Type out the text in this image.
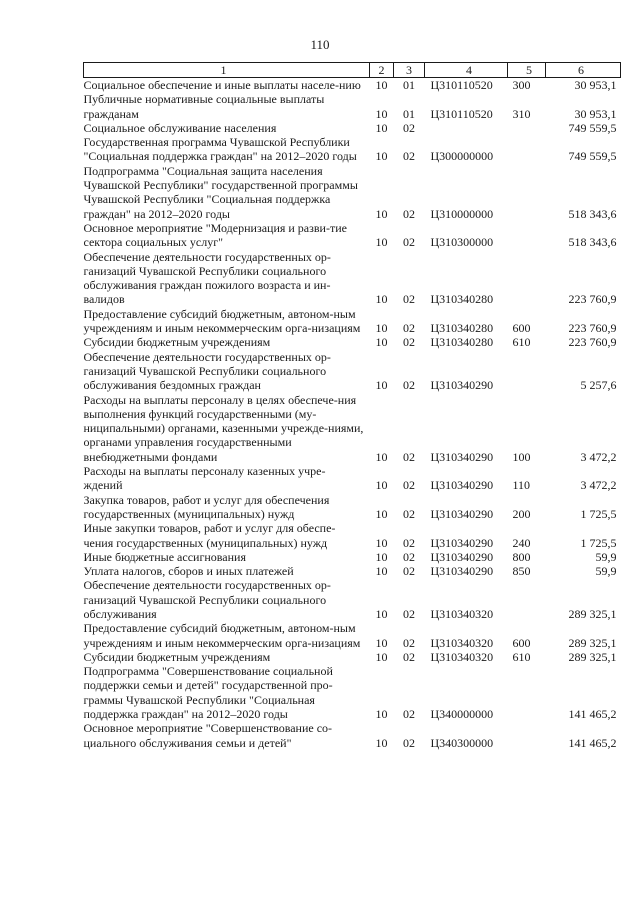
110
1	2	3	4	5	6
Социальное обеспечение и иные выплаты населе-нию	10	01	Ц310110520	300	30 953,1
Публичные нормативные социальные выплаты гражданам	10	01	Ц310110520	310	30 953,1
Социальное обслуживание населения	10	02			749 559,5
Государственная программа Чувашской Республики "Социальная поддержка граждан" на 2012–2020 годы	10	02	Ц300000000		749 559,5
Подпрограмма "Социальная защита населения Чувашской Республики" государственной программы Чувашской Республики "Социальная поддержка граждан" на 2012–2020 годы	10	02	Ц310000000		518 343,6
Основное мероприятие "Модернизация и разви-тие сектора социальных услуг"	10	02	Ц310300000		518 343,6
Обеспечение деятельности государственных ор-ганизаций Чувашской Республики социального обслуживания граждан пожилого возраста и ин-валидов	10	02	Ц310340280		223 760,9
Предоставление субсидий бюджетным, автоном-ным учреждениям и иным некоммерческим орга-низациям	10	02	Ц310340280	600	223 760,9
Субсидии бюджетным учреждениям	10	02	Ц310340280	610	223 760,9
Обеспечение деятельности государственных ор-ганизаций Чувашской Республики социального обслуживания бездомных граждан	10	02	Ц310340290		5 257,6
Расходы на выплаты персоналу в целях обеспече-ния выполнения функций государственными (му-ниципальными) органами, казенными учрежде-ниями, органами управления государственными внебюджетными фондами	10	02	Ц310340290	100	3 472,2
Расходы на выплаты персоналу казенных учре-ждений	10	02	Ц310340290	110	3 472,2
Закупка товаров, работ и услуг для обеспечения государственных (муниципальных) нужд	10	02	Ц310340290	200	1 725,5
Иные закупки товаров, работ и услуг для обеспе-чения государственных (муниципальных) нужд	10	02	Ц310340290	240	1 725,5
Иные бюджетные ассигнования	10	02	Ц310340290	800	59,9
Уплата налогов, сборов и иных платежей	10	02	Ц310340290	850	59,9
Обеспечение деятельности государственных ор-ганизаций Чувашской Республики социального обслуживания	10	02	Ц310340320		289 325,1
Предоставление субсидий бюджетным, автоном-ным учреждениям и иным некоммерческим орга-низациям	10	02	Ц310340320	600	289 325,1
Субсидии бюджетным учреждениям	10	02	Ц310340320	610	289 325,1
Подпрограмма "Совершенствование социальной поддержки семьи и детей" государственной про-граммы Чувашской Республики "Социальная поддержка граждан" на 2012–2020 годы	10	02	Ц340000000		141 465,2
Основное мероприятие "Совершенствование со-циального обслуживания семьи и детей"	10	02	Ц340300000		141 465,2
